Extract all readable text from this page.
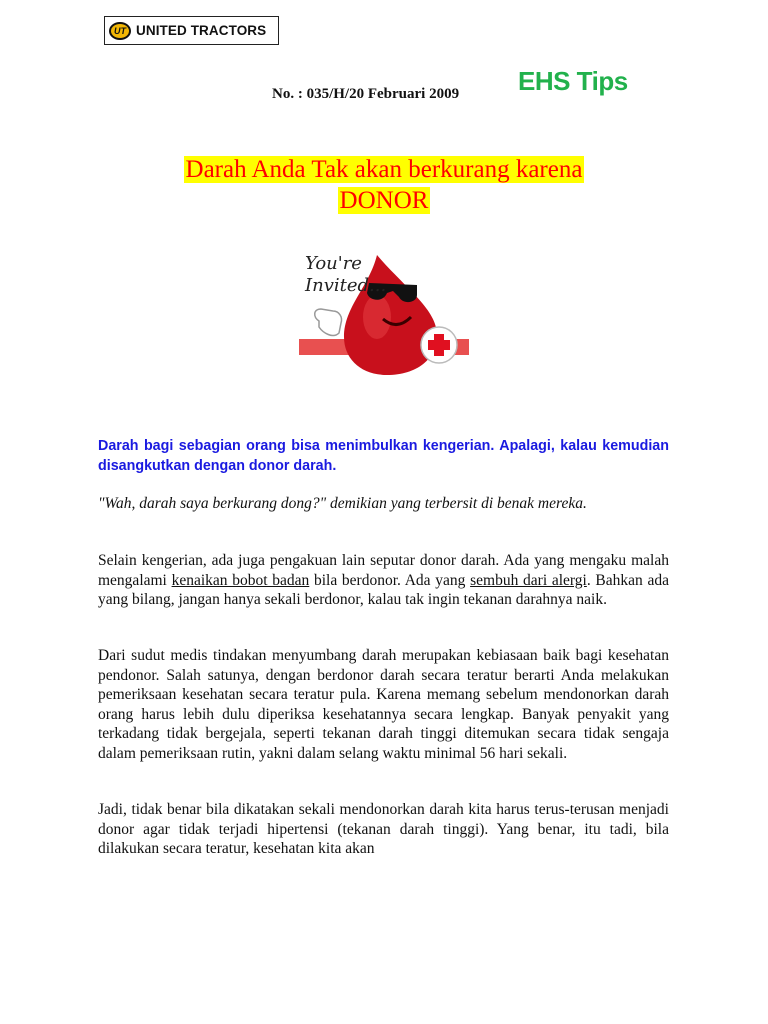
UT UNITED TRACTORS
No. : 035/H/20 Februari 2009 EHS Tips
Darah Anda Tak akan berkurang karena
DONOR
You're
Invited...
Darah bagi sebagian orang bisa menimbulkan kengerian. Apalagi, kalau kemudian disangkutkan dengan donor darah.
"Wah, darah saya berkurang dong?" demikian yang terbersit di benak mereka.
Selain kengerian, ada juga pengakuan lain seputar donor darah. Ada yang mengaku malah mengalami kenaikan bobot badan bila berdonor. Ada yang sembuh dari alergi. Bahkan ada yang bilang, jangan hanya sekali berdonor, kalau tak ingin tekanan darahnya naik.
Dari sudut medis tindakan menyumbang darah merupakan kebiasaan baik bagi kesehatan pendonor. Salah satunya, dengan berdonor darah secara teratur berarti Anda melakukan pemeriksaan kesehatan secara teratur pula. Karena memang sebelum mendonorkan darah orang harus lebih dulu diperiksa kesehatannya secara lengkap. Banyak penyakit yang terkadang tidak bergejala, seperti tekanan darah tinggi ditemukan secara tidak sengaja dalam pemeriksaan rutin, yakni dalam selang waktu minimal 56 hari sekali.
Jadi, tidak benar bila dikatakan sekali mendonorkan darah kita harus terus-terusan menjadi donor agar tidak terjadi hipertensi (tekanan darah tinggi). Yang benar, itu tadi, bila dilakukan secara teratur, kesehatan kita akan
